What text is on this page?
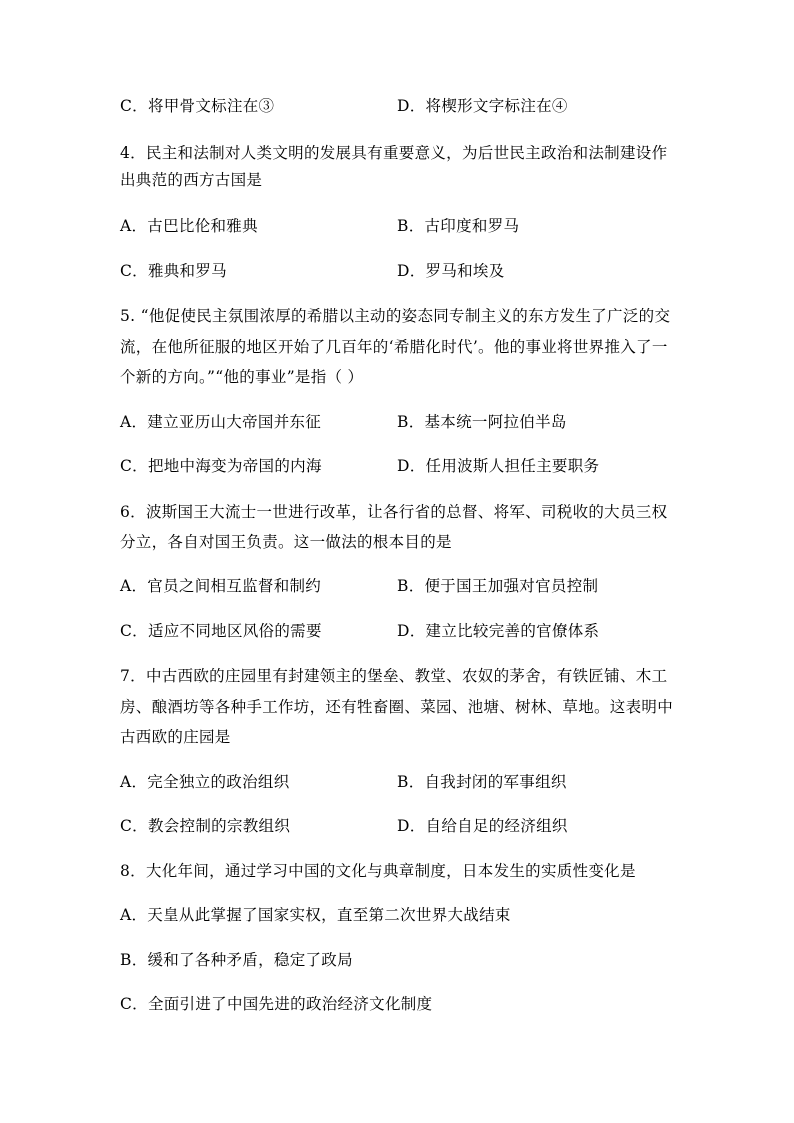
C．将甲骨文标注在③	D．将楔形文字标注在④
4．民主和法制对人类文明的发展具有重要意义，为后世民主政治和法制建设作
出典范的西方古国是
A．古巴比伦和雅典	B．古印度和罗马
C．雅典和罗马	D．罗马和埃及
5. “他促使民主氛围浓厚的希腊以主动的姿态同专制主义的东方发生了广泛的交
流，在他所征服的地区开始了几百年的‘希腊化时代’。他的事业将世界推入了一
个新的方向。”“他的事业”是指（ ）
A．建立亚历山大帝国并东征	B．基本统一阿拉伯半岛
C．把地中海变为帝国的内海	D．任用波斯人担任主要职务
6．波斯国王大流士一世进行改革，让各行省的总督、将军、司税收的大员三权
分立，各自对国王负责。这一做法的根本目的是
A．官员之间相互监督和制约	B．便于国王加强对官员控制
C．适应不同地区风俗的需要	D．建立比较完善的官僚体系
7．中古西欧的庄园里有封建领主的堡垒、教堂、农奴的茅舍，有铁匠铺、木工
房、酿酒坊等各种手工作坊，还有牲畜圈、菜园、池塘、树林、草地。这表明中
古西欧的庄园是
A．完全独立的政治组织	B．自我封闭的军事组织
C．教会控制的宗教组织	D．自给自足的经济组织
8．大化年间，通过学习中国的文化与典章制度，日本发生的实质性变化是
A．天皇从此掌握了国家实权，直至第二次世界大战结束
B．缓和了各种矛盾，稳定了政局
C．全面引进了中国先进的政治经济文化制度
